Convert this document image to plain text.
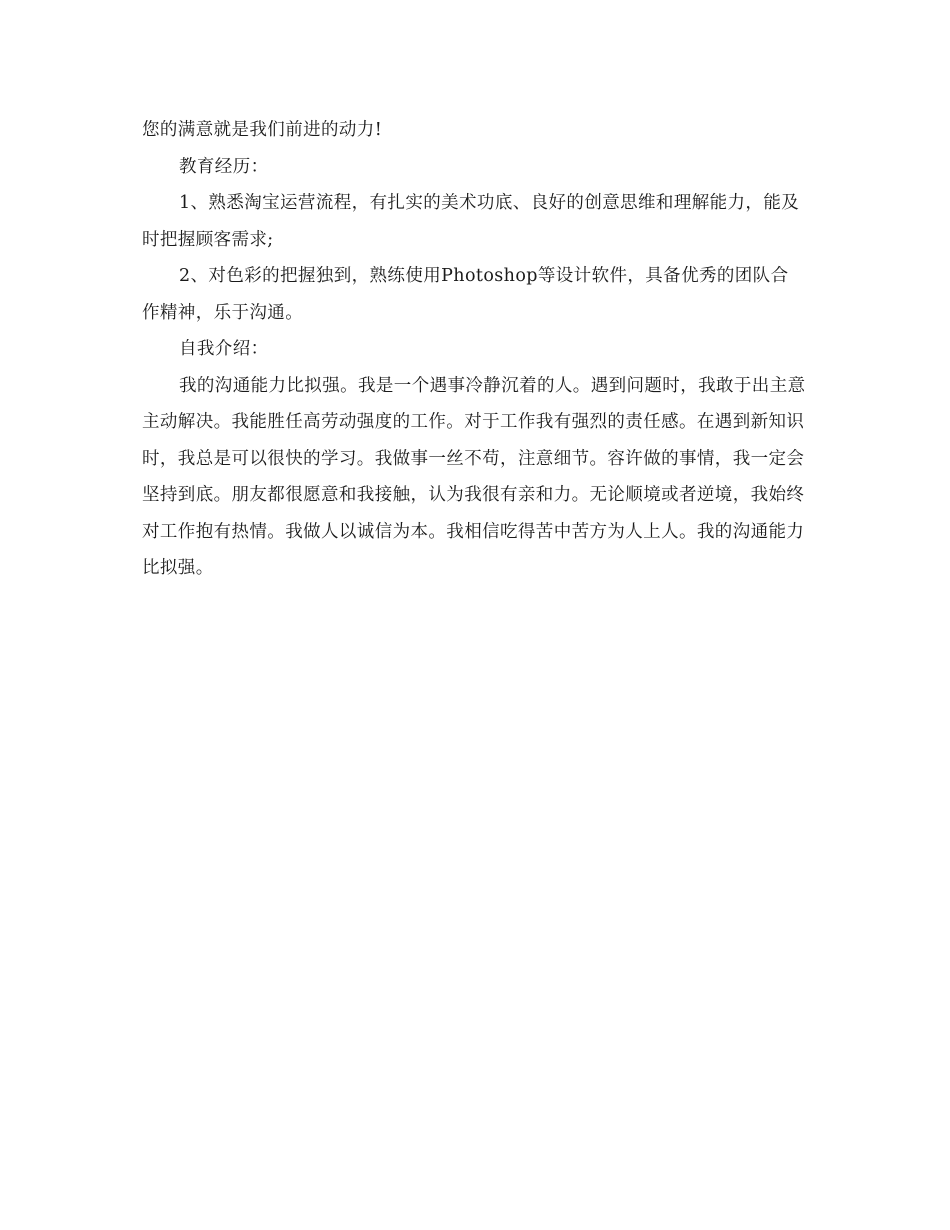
您的满意就是我们前进的动力!

教育经历：

1、熟悉淘宝运营流程，有扎实的美术功底、良好的创意思维和理解能力，能及时把握顾客需求;

2、对色彩的把握独到，熟练使用Photoshop等设计软件，具备优秀的团队合作精神，乐于沟通。

自我介绍：

我的沟通能力比拟强。我是一个遇事冷静沉着的人。遇到问题时，我敢于出主意主动解决。我能胜任高劳动强度的工作。对于工作我有强烈的责任感。在遇到新知识时，我总是可以很快的学习。我做事一丝不苟，注意细节。容许做的事情，我一定会坚持到底。朋友都很愿意和我接触，认为我很有亲和力。无论顺境或者逆境，我始终对工作抱有热情。我做人以诚信为本。我相信吃得苦中苦方为人上人。我的沟通能力比拟强。
